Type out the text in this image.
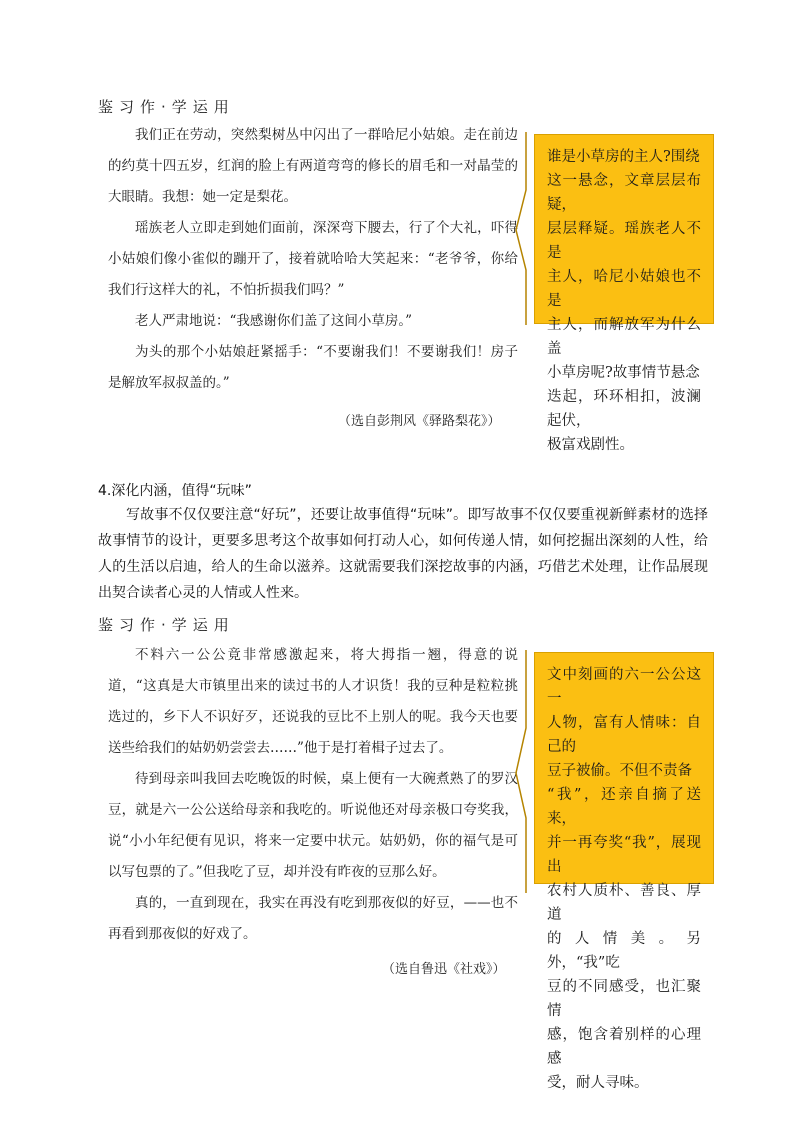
鉴习作·学运用

我们正在劳动，突然梨树丛中闪出了一群哈尼小姑娘。走在前边的约莫十四五岁，红润的脸上有两道弯弯的修长的眉毛和一对晶莹的大眼睛。我想：她一定是梨花。

瑶族老人立即走到她们面前，深深弯下腰去，行了个大礼，吓得小姑娘们像小雀似的蹦开了，接着就哈哈大笑起来：“老爷爷，你给我们行这样大的礼，不怕折损我们吗？”

老人严肃地说：“我感谢你们盖了这间小草房。”

为头的那个小姑娘赶紧摇手：“不要谢我们！不要谢我们！房子是解放军叔叔盖的。”

（选自彭荆风《驿路梨花》）
谁是小草房的主人?围绕
这一悬念，文章层层布疑，
层层释疑。瑶族老人不是
主人，哈尼小姑娘也不是
主人，而解放军为什么盖
小草房呢?故事情节悬念
迭起，环环相扣，波澜起伏，
极富戏剧性。
4.深化内涵，值得“玩味”

写故事不仅仅要注意“好玩”，还要让故事值得“玩味”。即写故事不仅仅要重视新鲜素材的选择故事情节的设计，更要多思考这个故事如何打动人心，如何传递人情，如何挖掘出深刻的人性，给人的生活以启迪，给人的生命以滋养。这就需要我们深挖故事的内涵，巧借艺术处理，让作品展现出契合读者心灵的人情或人性来。

鉴习作·学运用

不料六一公公竟非常感激起来，将大拇指一翘，得意的说道，“这真是大市镇里出来的读过书的人才识货！我的豆种是粒粒挑选过的，乡下人不识好歹，还说我的豆比不上别人的呢。我今天也要送些给我们的姑奶奶尝尝去……”他于是打着楫子过去了。

待到母亲叫我回去吃晚饭的时候，桌上便有一大碗煮熟了的罗汉豆，就是六一公公送给母亲和我吃的。听说他还对母亲极口夸奖我，说“小小年纪便有见识，将来一定要中状元。姑奶奶，你的福气是可以写包票的了。”但我吃了豆，却并没有昨夜的豆那么好。

真的，一直到现在，我实在再没有吃到那夜似的好豆，——也不再看到那夜似的好戏了。

（选自鲁迅《社戏》）
文中刻画的六一公公这一
人物，富有人情味：自己的
豆子被偷。不但不责备
“我”，还亲自摘了送来，
并一再夸奖“我”，展现出
农村人质朴、善良、厚道
的人情美。另外，“我”吃
豆的不同感受，也汇聚情
感，饱含着别样的心理感
受，耐人寻味。
